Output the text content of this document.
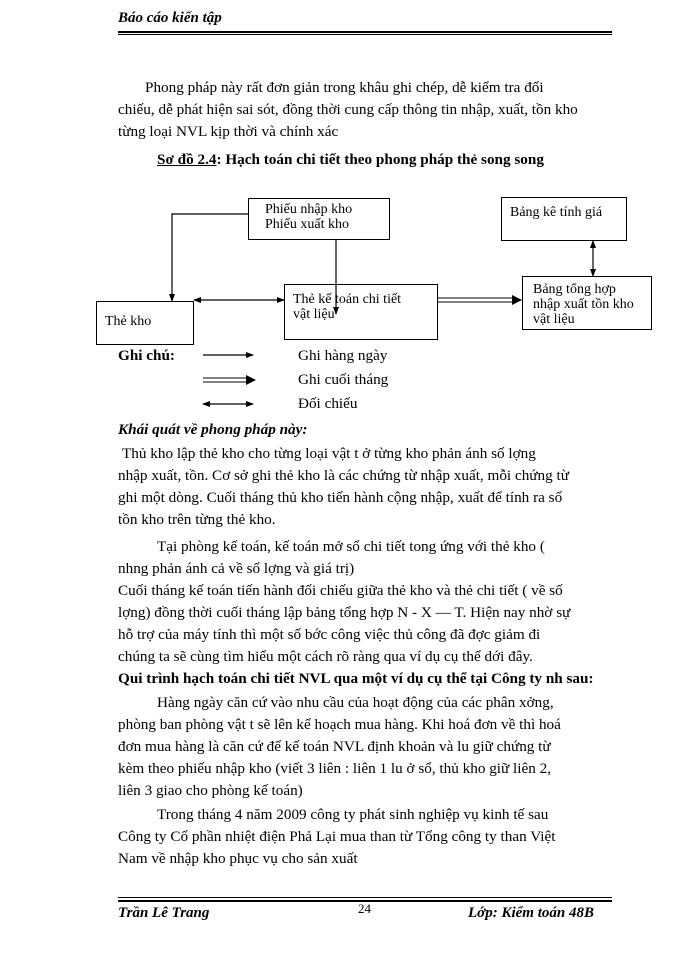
Báo cáo kiến tập
Phong pháp này rất đơn giản trong khâu ghi chép, dễ kiểm tra đối
chiếu, dễ phát hiện sai sót, đồng thời cung cấp thông tin nhập, xuất, tồn kho
từng loại NVL kịp thời và chính xác
Sơ đồ 2.4: Hạch toán chi tiết theo phong pháp thẻ song song
Phiếu nhập kho
Phiếu xuất kho
Bảng kê tính giá
Thẻ kho
Thẻ kế toán chi tiết
vật liệu
Bảng tổng hợp
nhập xuất tồn kho
vật liệu
Ghi chú:	Ghi hàng ngày
Ghi cuối tháng
Đối chiếu
Khái quát về phong pháp này:
Thủ kho lập thẻ kho cho từng loại vật t ở từng kho phản ánh số lợng
nhập xuất, tồn. Cơ sở ghi thẻ kho là các chứng từ nhập xuất, mỗi chứng từ
ghi một dòng. Cuối tháng thủ kho tiến hành cộng nhập, xuất để tính ra số
tồn kho trên từng thẻ kho.
Tại phòng kế toán, kế toán mở sổ chi tiết tong ứng với thẻ kho (
nhng phản ánh cả về số lợng và giá trị)
Cuối tháng kế toán tiến hành đối chiếu giữa thẻ kho và thẻ chi tiết ( về số
lợng) đồng thời cuối tháng lập bảng tổng hợp N - X — T. Hiện nay nhờ sự
hỗ trợ của máy tính thì một số bớc công việc thủ công đã đợc giảm đi
chúng ta sẽ cùng tìm hiểu một cách rõ ràng qua ví dụ cụ thể dới đây.
Qui trình hạch toán chi tiết NVL qua một ví dụ cụ thể tại Công ty nh sau:
Hàng ngày căn cứ vào nhu cầu của hoạt động của các phân xởng,
phòng ban phòng vật t sẽ lên kế hoạch mua hàng. Khi hoá đơn về thì hoá
đơn mua hàng là căn cứ để kế toán NVL định khoản và lu giữ chứng từ
kèm theo phiếu nhập kho (viết 3 liên : liên 1 lu ở sổ, thủ kho giữ liên 2,
liên 3 giao cho phòng kế toán)
Trong tháng 4 năm 2009 công ty phát sinh nghiệp vụ kinh tế sau
Công ty Cổ phần nhiệt điện Phả Lại mua than từ Tổng công ty than Việt
Nam về nhập kho phục vụ cho sản xuất
Trần Lê Trang	24	Lớp: Kiểm toán 48B
